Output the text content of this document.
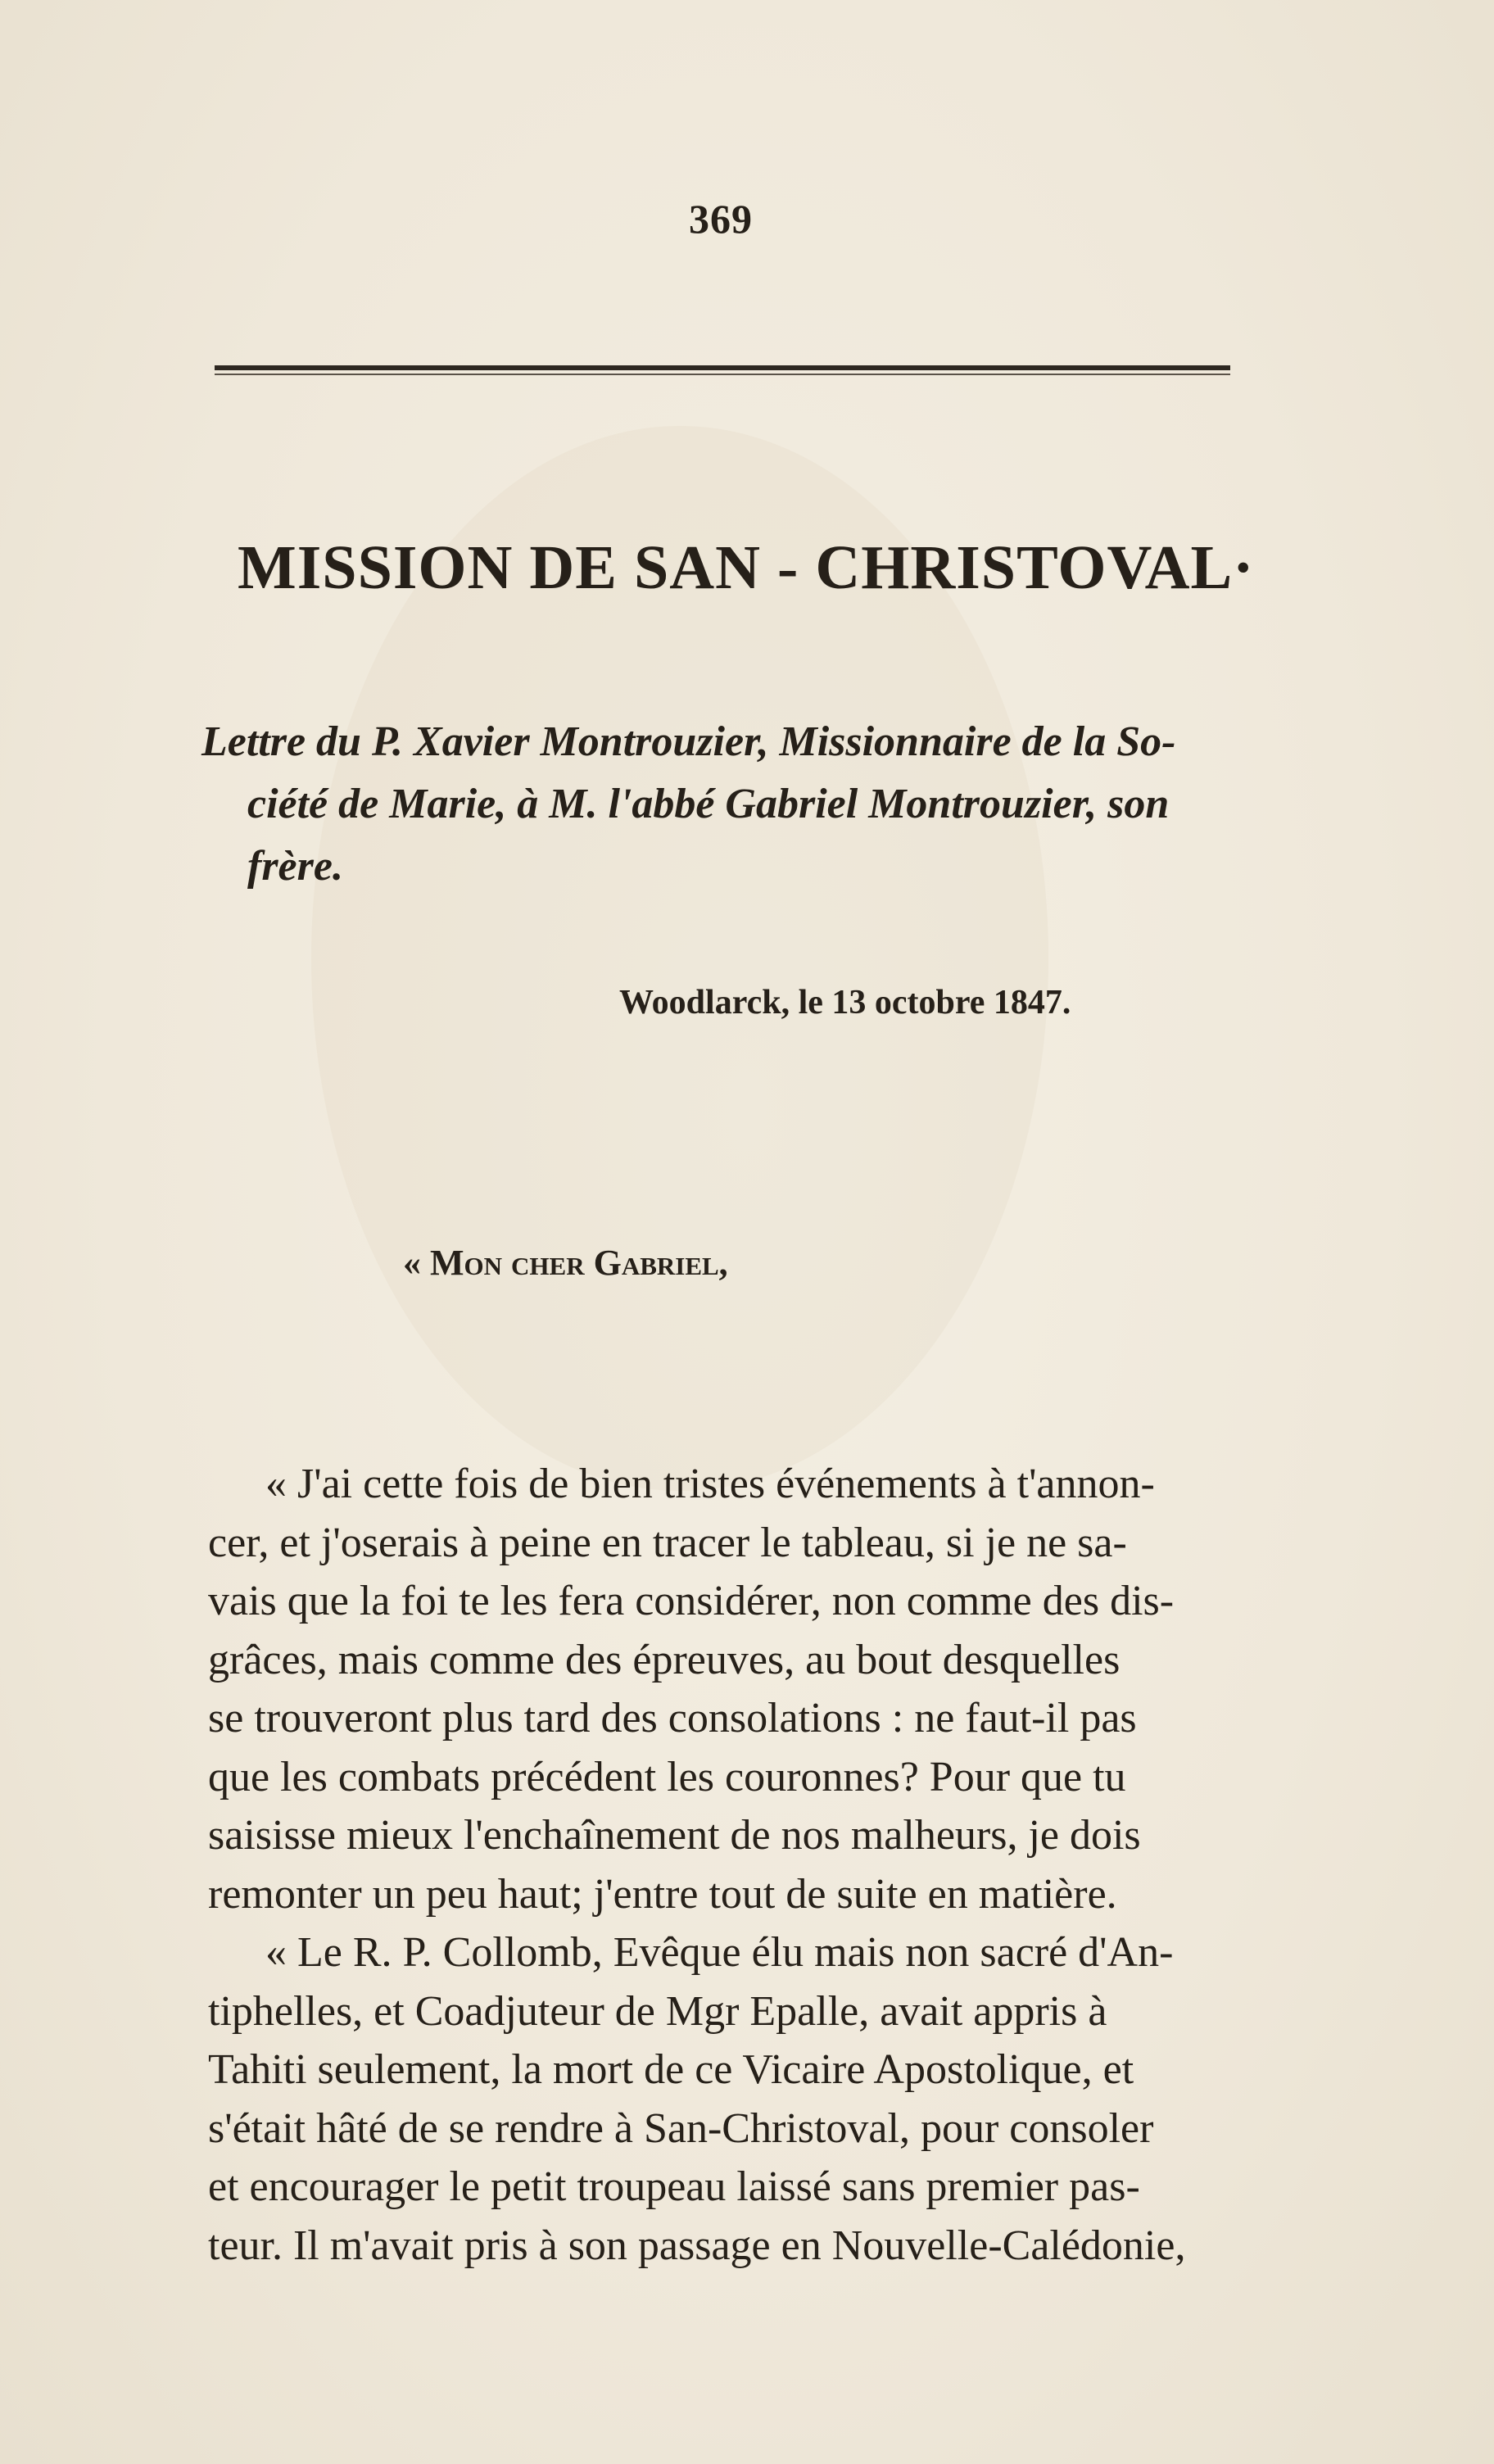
369
MISSION DE SAN - CHRISTOVAL·
Lettre du P. Xavier Montrouzier, Missionnaire de la So-
ciété de Marie, à M. l'abbé Gabriel Montrouzier, son
frère.
Woodlarck, le 13 octobre 1847.
« Mon cher Gabriel,
« J'ai cette fois de bien tristes événements à t'annon-
cer, et j'oserais à peine en tracer le tableau, si je ne sa-
vais que la foi te les fera considérer, non comme des dis-
grâces, mais comme des épreuves, au bout desquelles
se trouveront plus tard des consolations : ne faut-il pas
que les combats précédent les couronnes? Pour que tu
saisisse mieux l'enchaînement de nos malheurs, je dois
remonter un peu haut; j'entre tout de suite en matière.
« Le R. P. Collomb, Evêque élu mais non sacré d'An-
tiphelles, et Coadjuteur de Mgr Epalle, avait appris à
Tahiti seulement, la mort de ce Vicaire Apostolique, et
s'était hâté de se rendre à San-Christoval, pour consoler
et encourager le petit troupeau laissé sans premier pas-
teur. Il m'avait pris à son passage en Nouvelle-Calédonie,
